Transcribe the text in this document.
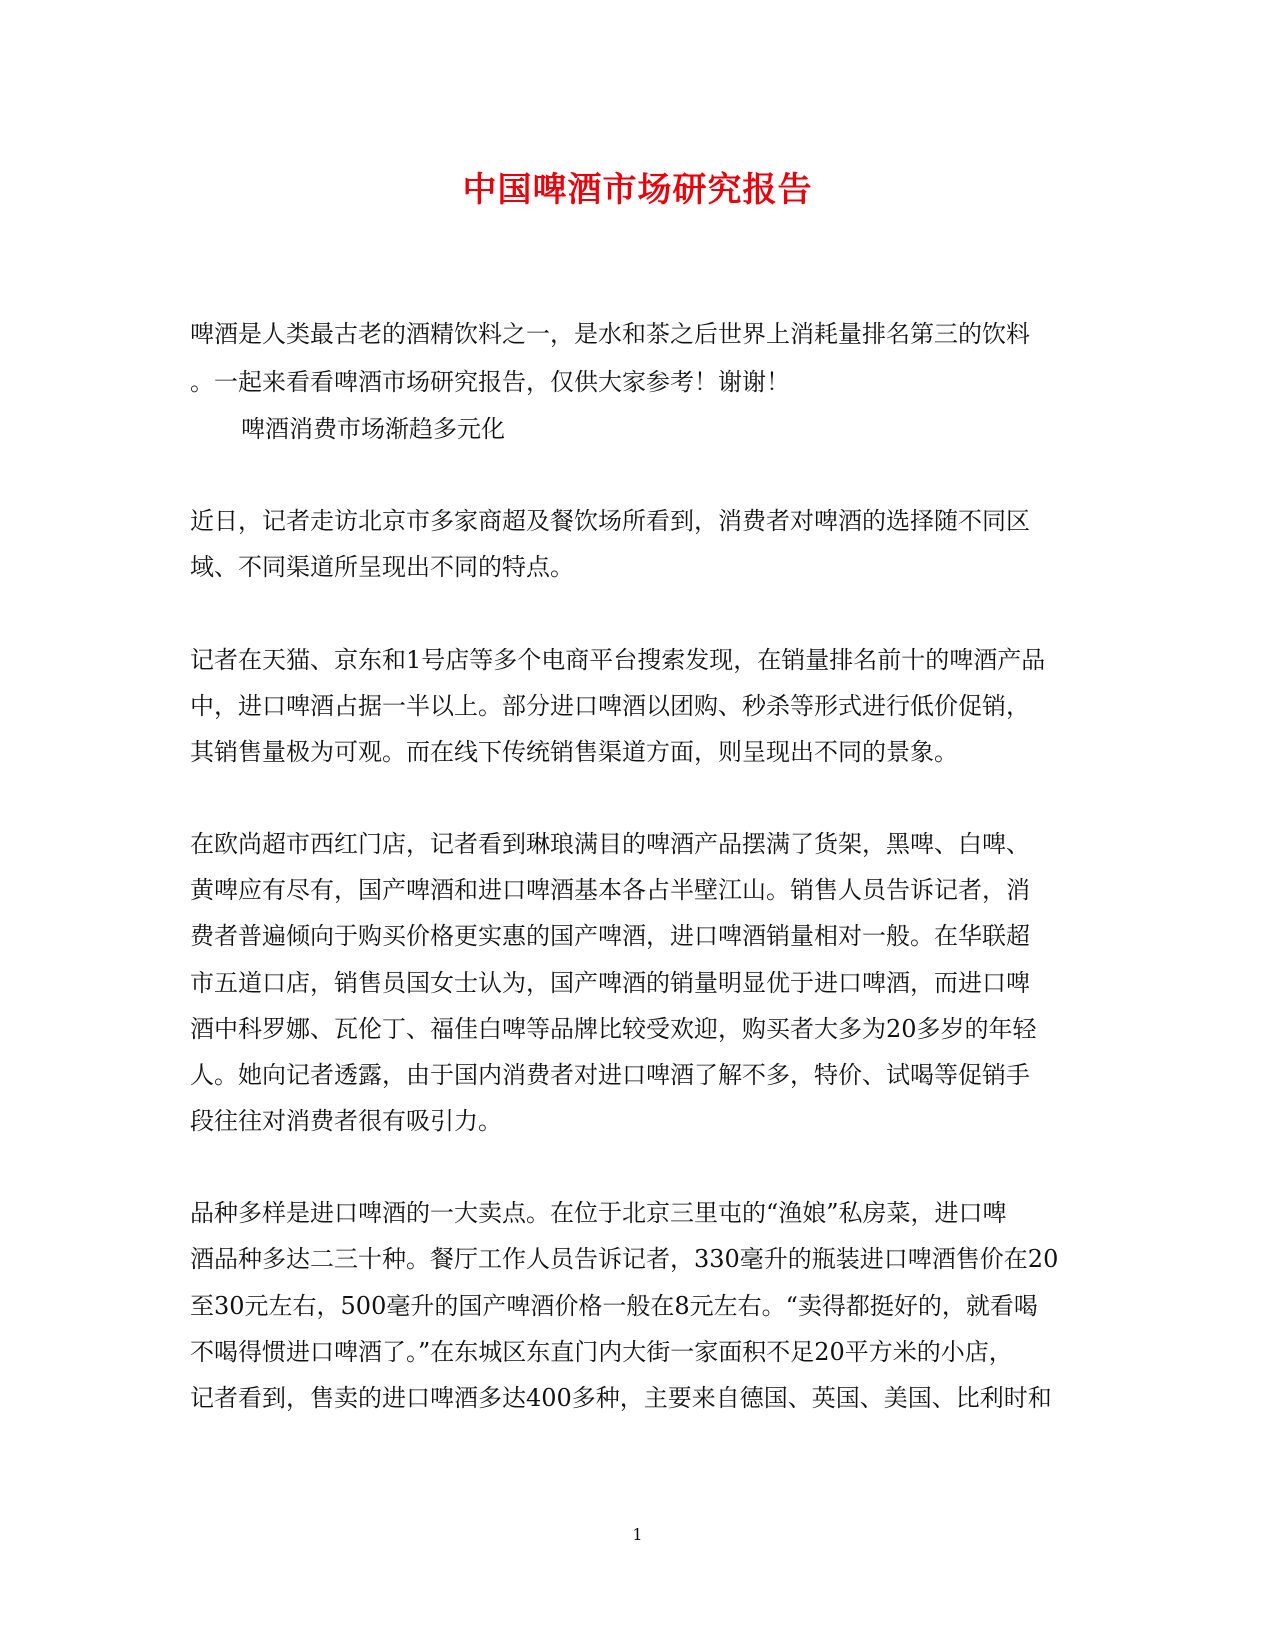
中国啤酒市场研究报告
啤酒是人类最古老的酒精饮料之一，是水和茶之后世界上消耗量排名第三的饮料
。一起来看看啤酒市场研究报告，仅供大家参考！谢谢！
啤酒消费市场渐趋多元化
近日，记者走访北京市多家商超及餐饮场所看到，消费者对啤酒的选择随不同区
域、不同渠道所呈现出不同的特点。
记者在天猫、京东和1号店等多个电商平台搜索发现，在销量排名前十的啤酒产品
中，进口啤酒占据一半以上。部分进口啤酒以团购、秒杀等形式进行低价促销，
其销售量极为可观。而在线下传统销售渠道方面，则呈现出不同的景象。
在欧尚超市西红门店，记者看到琳琅满目的啤酒产品摆满了货架，黑啤、白啤、
黄啤应有尽有，国产啤酒和进口啤酒基本各占半壁江山。销售人员告诉记者，消
费者普遍倾向于购买价格更实惠的国产啤酒，进口啤酒销量相对一般。在华联超
市五道口店，销售员国女士认为，国产啤酒的销量明显优于进口啤酒，而进口啤
酒中科罗娜、瓦伦丁、福佳白啤等品牌比较受欢迎，购买者大多为20多岁的年轻
人。她向记者透露，由于国内消费者对进口啤酒了解不多，特价、试喝等促销手
段往往对消费者很有吸引力。
品种多样是进口啤酒的一大卖点。在位于北京三里屯的“渔娘”私房菜，进口啤
酒品种多达二三十种。餐厅工作人员告诉记者，330毫升的瓶装进口啤酒售价在20
至30元左右，500毫升的国产啤酒价格一般在8元左右。“卖得都挺好的，就看喝
不喝得惯进口啤酒了。”在东城区东直门内大街一家面积不足20平方米的小店，
记者看到，售卖的进口啤酒多达400多种，主要来自德国、英国、美国、比利时和
1
